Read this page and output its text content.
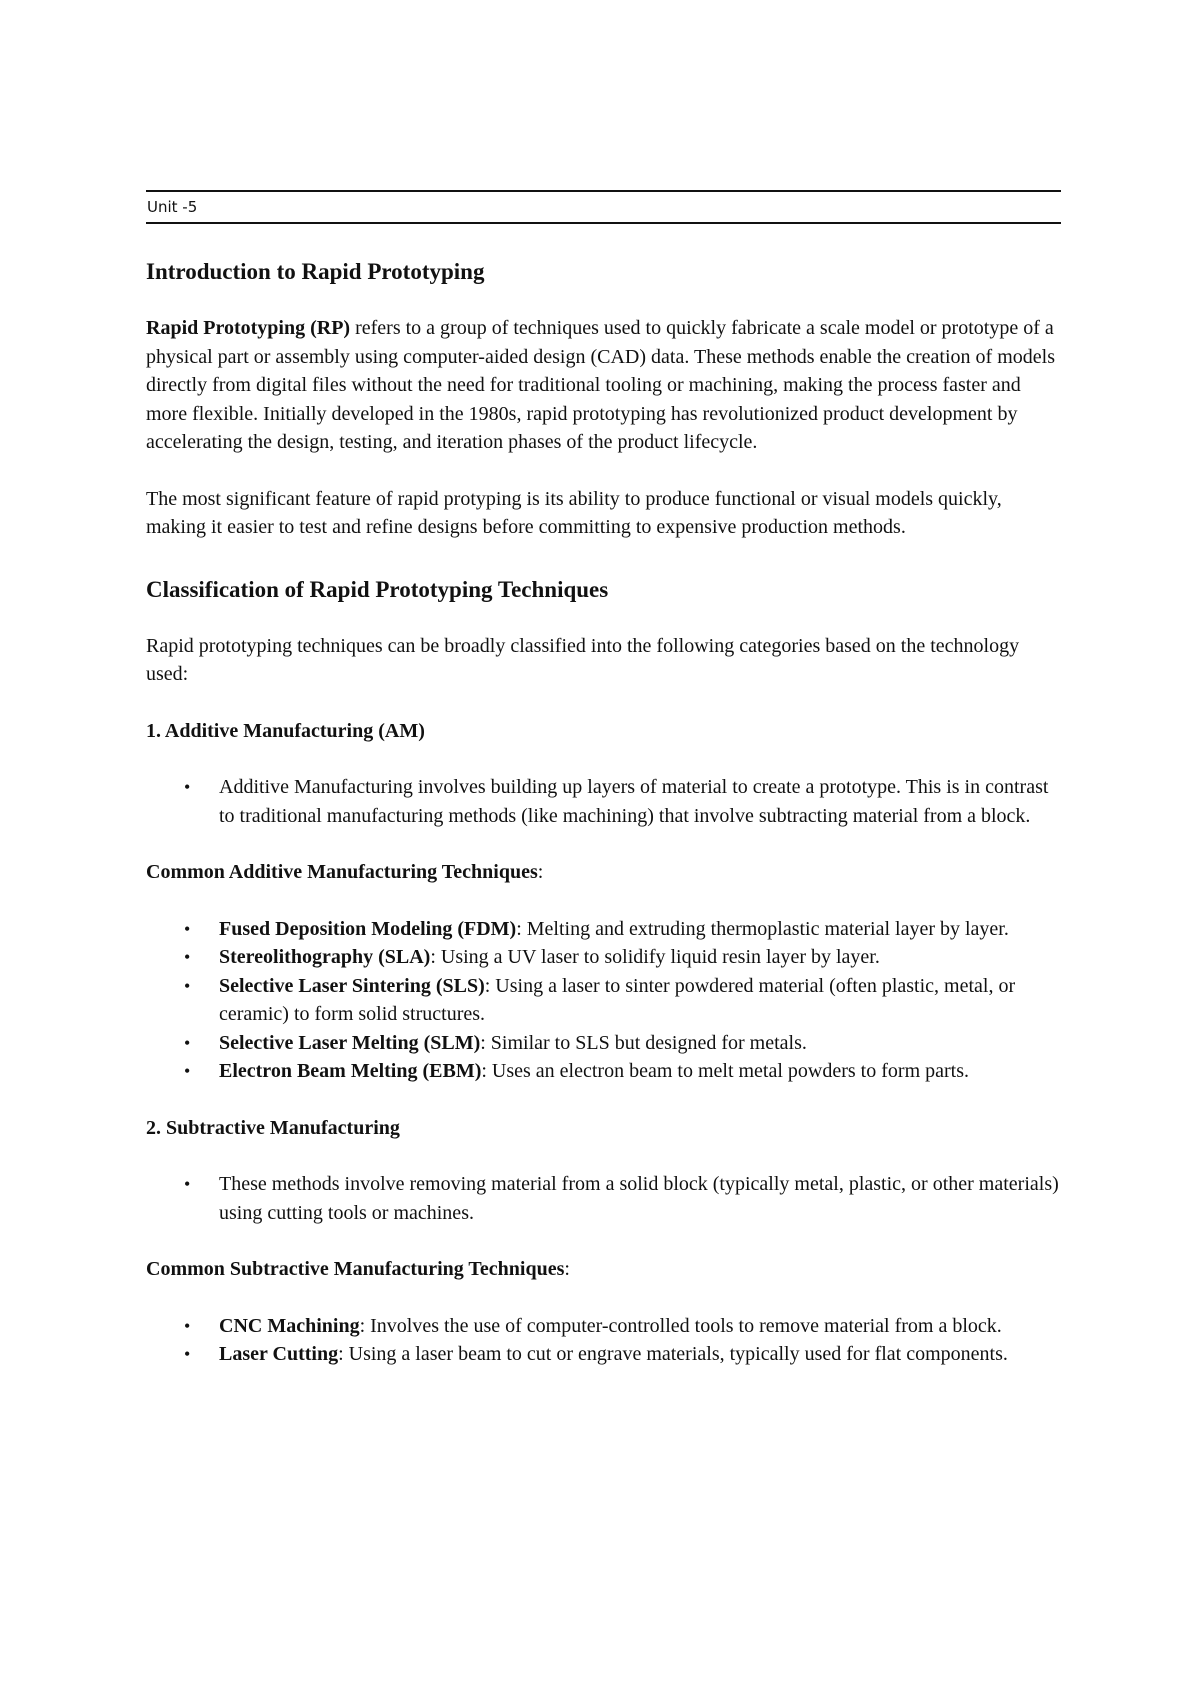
Unit -5
Introduction to Rapid Prototyping

Rapid Prototyping (RP) refers to a group of techniques used to quickly fabricate a scale model or prototype of a physical part or assembly using computer-aided design (CAD) data. These methods enable the creation of models directly from digital files without the need for traditional tooling or machining, making the process faster and more flexible. Initially developed in the 1980s, rapid prototyping has revolutionized product development by accelerating the design, testing, and iteration phases of the product lifecycle.

The most significant feature of rapid protyping is its ability to produce functional or visual models quickly, making it easier to test and refine designs before committing to expensive production methods.

Classification of Rapid Prototyping Techniques

Rapid prototyping techniques can be broadly classified into the following categories based on the technology used:

1. Additive Manufacturing (AM)
• Additive Manufacturing involves building up layers of material to create a prototype. This is in contrast to traditional manufacturing methods (like machining) that involve subtracting material from a block.

Common Additive Manufacturing Techniques:

• Fused Deposition Modeling (FDM): Melting and extruding thermoplastic material layer by layer.
• Stereolithography (SLA): Using a UV laser to solidify liquid resin layer by layer.
• Selective Laser Sintering (SLS): Using a laser to sinter powdered material (often plastic, metal, or ceramic) to form solid structures.
• Selective Laser Melting (SLM): Similar to SLS but designed for metals.
• Electron Beam Melting (EBM): Uses an electron beam to melt metal powders to form parts.
2. Subtractive Manufacturing
• These methods involve removing material from a solid block (typically metal, plastic, or other materials) using cutting tools or machines.

Common Subtractive Manufacturing Techniques:

• CNC Machining: Involves the use of computer-controlled tools to remove material from a block.
• Laser Cutting: Using a laser beam to cut or engrave materials, typically used for flat components.
